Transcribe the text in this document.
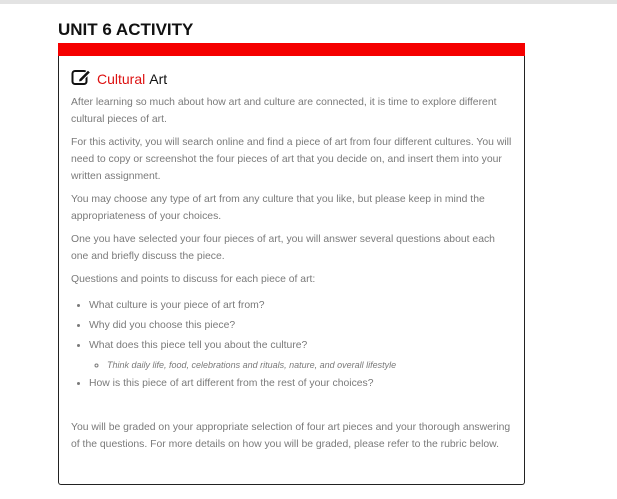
UNIT 6 ACTIVITY
Cultural Art

After learning so much about how art and culture are connected, it is time to explore different cultural pieces of art.

For this activity, you will search online and find a piece of art from four different cultures. You will need to copy or screenshot the four pieces of art that you decide on, and insert them into your written assignment.

You may choose any type of art from any culture that you like, but please keep in mind the appropriateness of your choices.

One you have selected your four pieces of art, you will answer several questions about each one and briefly discuss the piece.

Questions and points to discuss for each piece of art:

• What culture is your piece of art from?
• Why did you choose this piece?
• What does this piece tell you about the culture?
◦ Think daily life, food, celebrations and rituals, nature, and overall lifestyle
• How is this piece of art different from the rest of your choices?

You will be graded on your appropriate selection of four art pieces and your thorough answering of the questions. For more details on how you will be graded, please refer to the rubric below.
